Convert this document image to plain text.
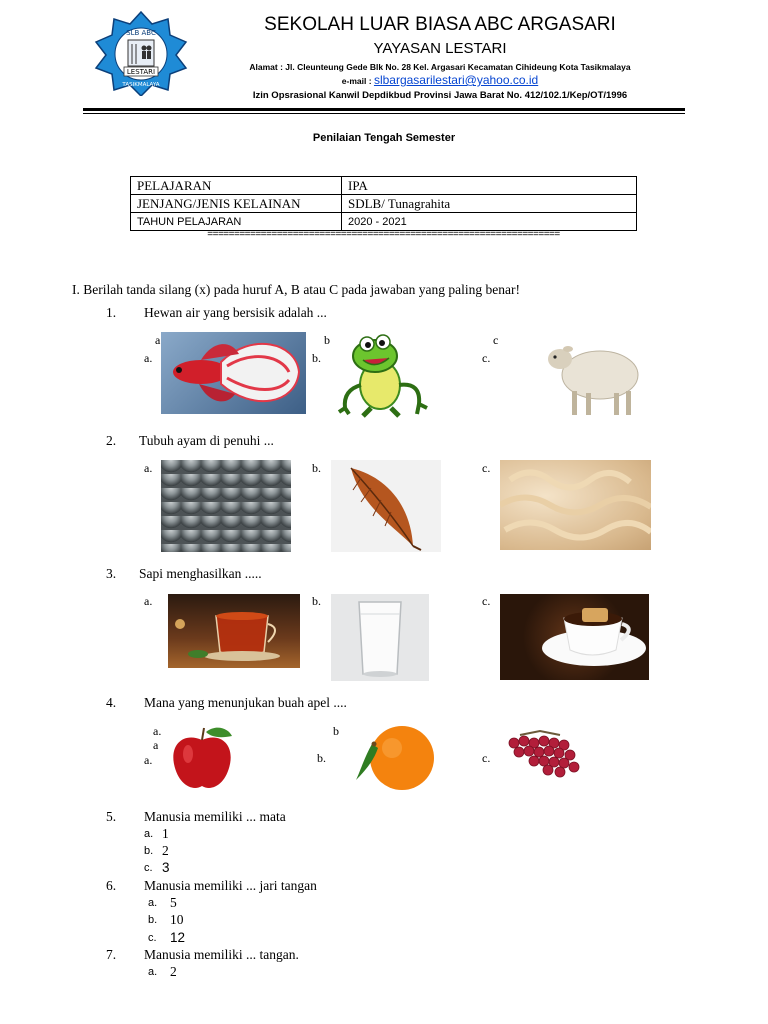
SLB ABC
LESTARI
TASIKMALAYA
SEKOLAH LUAR BIASA ABC ARGASARI
YAYASAN LESTARI
Alamat : Jl. Cleunteung Gede Blk No. 28 Kel. Argasari Kecamatan Cihideung Kota Tasikmalaya
e-mail : slbargasarilestari@yahoo.co.id
Izin Opsrasional Kanwil Depdikbud Provinsi Jawa Barat No. 412/102.1/Kep/OT/1996
Penilaian Tengah Semester
PELAJARAN	IPA
JENJANG/JENIS KELAINAN	SDLB/ Tunagrahita
TAHUN PELAJARAN	2020 - 2021
==================================================================
I. Berilah tanda silang (x) pada huruf A, B atau C pada jawaban yang paling benar!
1. Hewan air yang bersisik adalah ...
a	b	c
a.	b.	c.
2. Tubuh ayam di penuhi ...
a.	b.	c.
3. Sapi menghasilkan .....
a.	b.	c.
4. Mana yang menunjukan buah apel ....
a.
a
b
a.	b.	c.
5. Manusia memiliki ... mata
a. 1
b. 2
c. 3
6. Manusia memiliki ... jari tangan
a. 5
b. 10
c. 12
7. Manusia memiliki ... tangan.
a. 2
